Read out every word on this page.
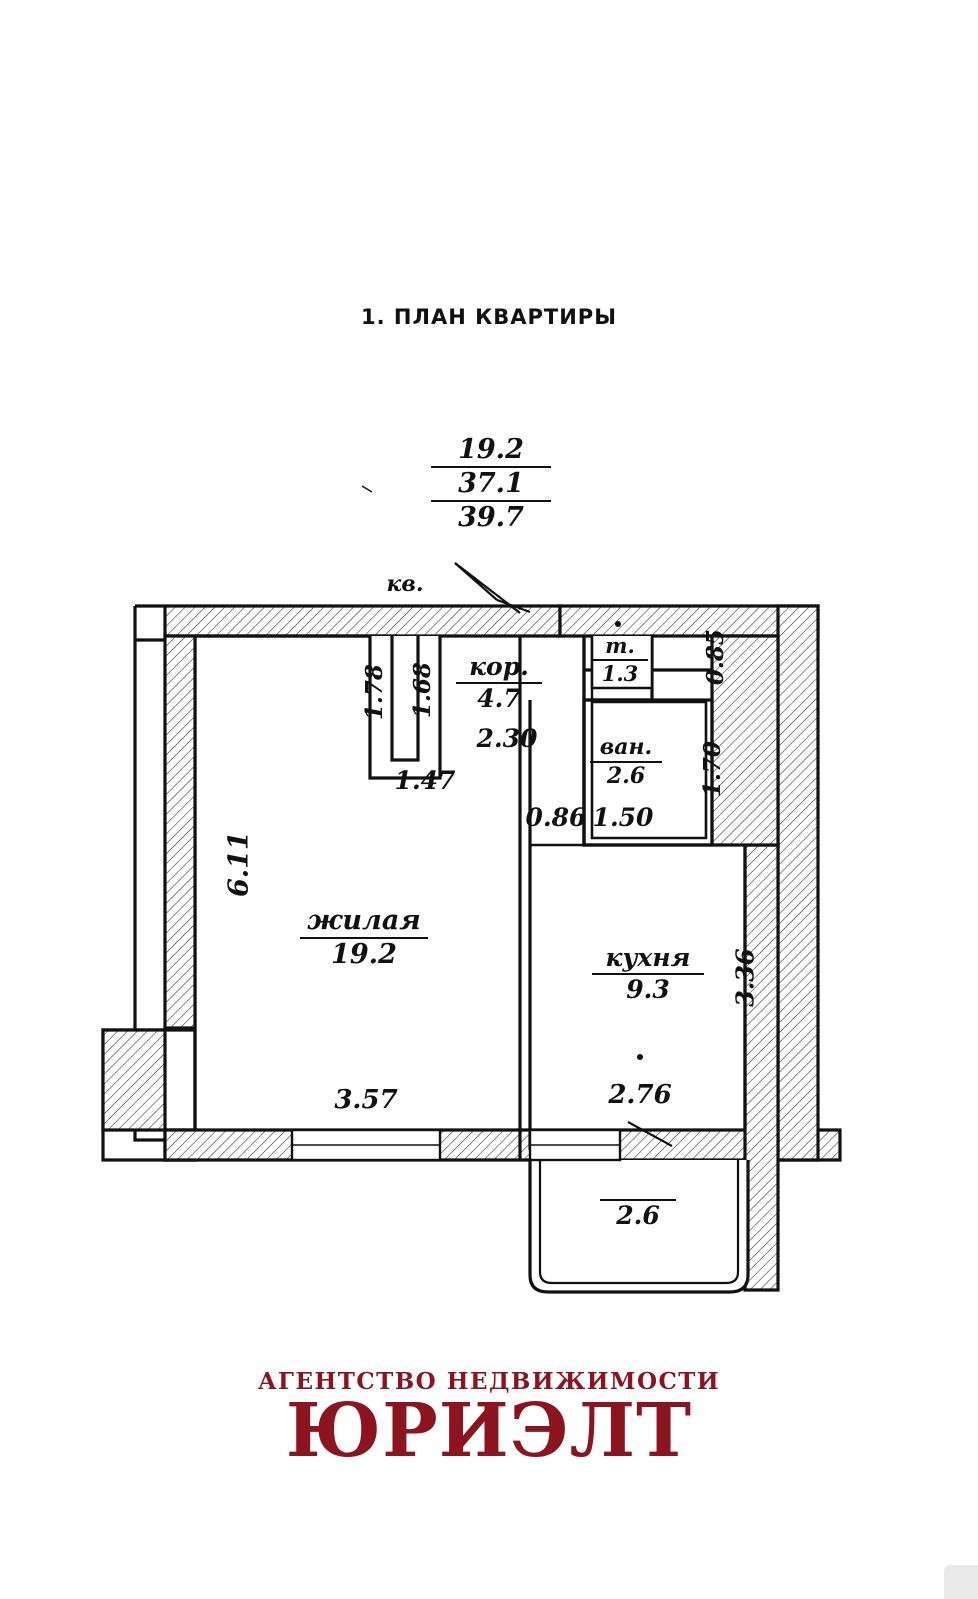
1. ПЛАН КВАРТИРЫ
19.2
37.1
39.7
кв.
кор.
4.7
т.
1.3
ван.
2.6
жилая
19.2	кухня
9.3
2.6
6.11
1.78 1.68
1.47
2.30
0.86 1.50
1.70
0.85
3.57	2.76
3.36
АГЕНТСТВО НЕДВИЖИМОСТИ
ЮРИЭЛТ
